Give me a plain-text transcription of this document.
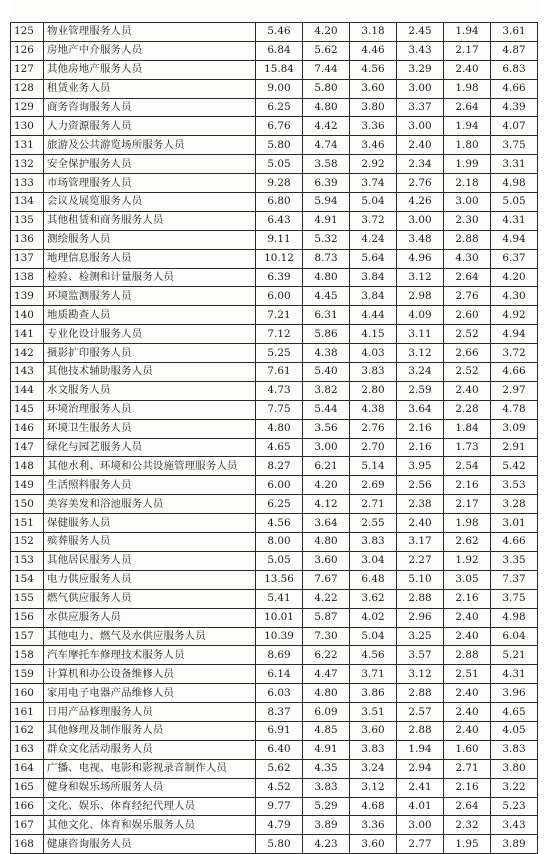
125	物业管理服务人员	5.46	4.20	3.18	2.45	1.94	3.61
126	房地产中介服务人员	6.84	5.62	4.46	3.43	2.17	4.87
127	其他房地产服务人员	15.84	7.44	4.56	3.29	2.40	6.83
128	租赁业务人员	9.00	5.80	3.60	3.00	1.98	4.66
129	商务咨询服务人员	6.25	4.80	3.80	3.37	2.64	4.39
130	人力资源服务人员	6.76	4.42	3.36	3.00	1.94	4.07
131	旅游及公共游览场所服务人员	5.80	4.74	3.46	2.40	1.80	3.75
132	安全保护服务人员	5.05	3.58	2.92	2.34	1.99	3.31
133	市场管理服务人员	9.28	6.39	3.74	2.76	2.18	4.98
134	会议及展览服务人员	6.80	5.94	5.04	4.26	3.00	5.05
135	其他租赁和商务服务人员	6.43	4.91	3.72	3.00	2.30	4.31
136	测绘服务人员	9.11	5.32	4.24	3.48	2.88	4.94
137	地理信息服务人员	10.12	8.73	5.64	4.96	4.30	6.37
138	检验、检测和计量服务人员	6.39	4.80	3.84	3.12	2.64	4.20
139	环境监测服务人员	6.00	4.45	3.84	2.98	2.76	4.30
140	地质勘查人员	7.21	6.31	4.44	4.09	2.60	4.92
141	专业化设计服务人员	7.12	5.86	4.15	3.11	2.52	4.94
142	摄影扩印服务人员	5.25	4.38	4.03	3.12	2.66	3.72
143	其他技术辅助服务人员	7.61	5.40	3.83	3.24	2.52	4.66
144	水文服务人员	4.73	3.82	2.80	2.59	2.40	2.97
145	环境治理服务人员	7.75	5.44	4.38	3.64	2.28	4.78
146	环境卫生服务人员	4.80	3.56	2.76	2.16	1.84	3.09
147	绿化与园艺服务人员	4.65	3.00	2.70	2.16	1.73	2.91
148	其他水利、环境和公共设施管理服务人员	8.27	6.21	5.14	3.95	2.54	5.42
149	生活照料服务人员	6.00	4.20	2.69	2.56	2.16	3.53
150	美容美发和浴池服务人员	6.25	4.12	2.71	2.38	2.17	3.28
151	保健服务人员	4.56	3.64	2.55	2.40	1.98	3.01
152	殡葬服务人员	8.00	4.80	3.83	3.17	2.62	4.66
153	其他居民服务人员	5.05	3.60	3.04	2.27	1.92	3.35
154	电力供应服务人员	13.56	7.67	6.48	5.10	3.05	7.37
155	燃气供应服务人员	5.41	4.22	3.62	2.88	2.16	3.75
156	水供应服务人员	10.01	5.87	4.02	2.96	2.40	4.98
157	其他电力、燃气及水供应服务人员	10.39	7.30	5.04	3.25	2.40	6.04
158	汽车摩托车修理技术服务人员	8.69	6.22	4.56	3.57	2.88	5.21
159	计算机和办公设备维修人员	6.14	4.47	3.71	3.12	2.51	4.31
160	家用电子电器产品维修人员	6.03	4.80	3.86	2.88	2.40	3.96
161	日用产品修理服务人员	8.37	6.09	3.51	2.57	2.40	4.65
162	其他修理及制作服务人员	6.91	4.85	3.60	2.88	2.40	4.05
163	群众文化活动服务人员	6.40	4.91	3.83	1.94	1.60	3.83
164	广播、电视、电影和影视录音制作人员	5.62	4.35	3.24	2.94	2.71	3.80
165	健身和娱乐场所服务人员	4.52	3.83	3.12	2.41	2.16	3.22
166	文化、娱乐、体育经纪代理人员	9.77	5.29	4.68	4.01	2.64	5.23
167	其他文化、体育和娱乐服务人员	4.79	3.89	3.36	3.00	2.32	3.43
168	健康咨询服务人员	5.80	4.23	3.60	2.77	1.95	3.89
